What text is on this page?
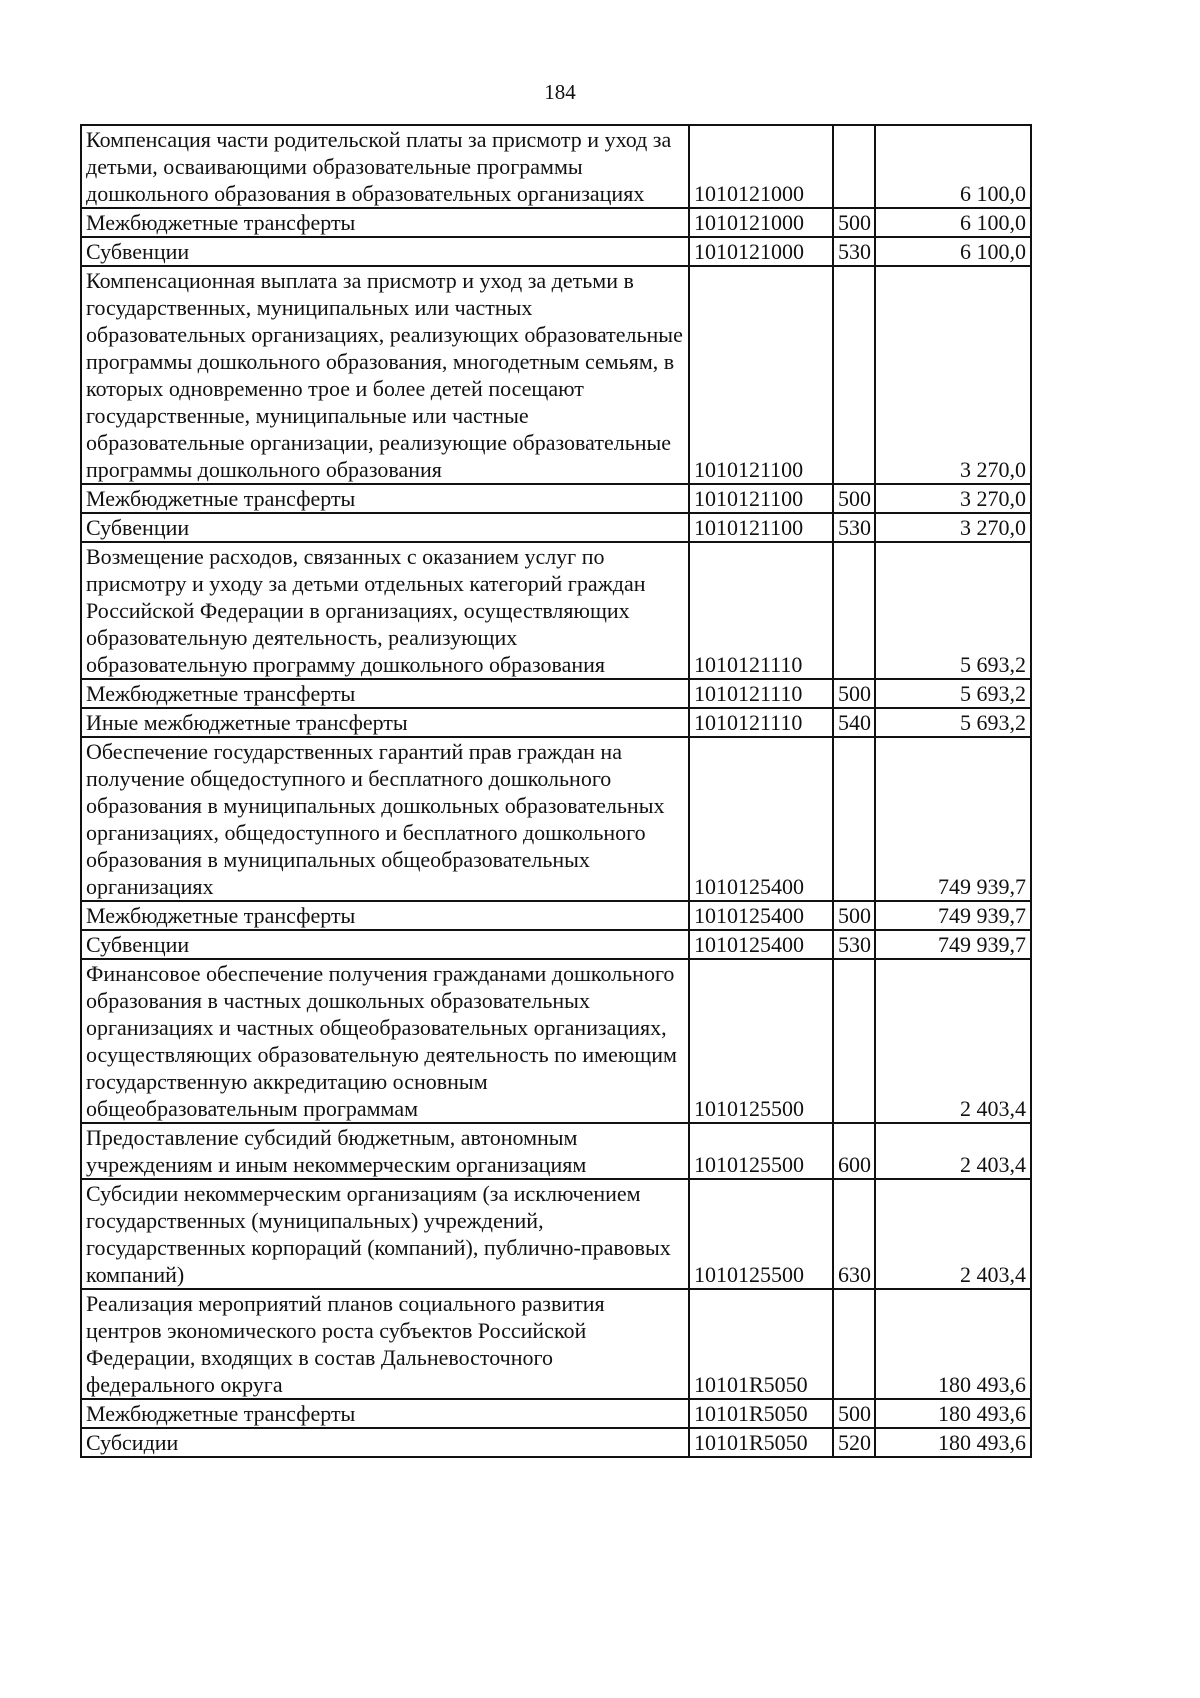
184
Компенсация части родительской платы за присмотр и уход за детьми, осваивающими образовательные программы дошкольного образования в образовательных организациях	1010121000		6 100,0
Межбюджетные трансферты	1010121000	500	6 100,0
Субвенции	1010121000	530	6 100,0
Компенсационная выплата за присмотр и уход за детьми в государственных, муниципальных или частных образовательных организациях, реализующих образовательные программы дошкольного образования, многодетным семьям, в которых одновременно трое и более детей посещают государственные, муниципальные или частные образовательные организации, реализующие образовательные программы дошкольного образования	1010121100		3 270,0
Межбюджетные трансферты	1010121100	500	3 270,0
Субвенции	1010121100	530	3 270,0
Возмещение расходов, связанных с оказанием услуг по присмотру и уходу за детьми отдельных категорий граждан Российской Федерации в организациях, осуществляющих образовательную деятельность, реализующих образовательную программу дошкольного образования	1010121110		5 693,2
Межбюджетные трансферты	1010121110	500	5 693,2
Иные межбюджетные трансферты	1010121110	540	5 693,2
Обеспечение государственных гарантий прав граждан на получение общедоступного и бесплатного дошкольного образования в муниципальных дошкольных образовательных организациях, общедоступного и бесплатного дошкольного образования в муниципальных общеобразовательных организациях	1010125400		749 939,7
Межбюджетные трансферты	1010125400	500	749 939,7
Субвенции	1010125400	530	749 939,7
Финансовое обеспечение получения гражданами дошкольного образования в частных дошкольных образовательных организациях и частных общеобразовательных организациях, осуществляющих образовательную деятельность по имеющим государственную аккредитацию основным общеобразовательным программам	1010125500		2 403,4
Предоставление субсидий бюджетным, автономным учреждениям и иным некоммерческим организациям	1010125500	600	2 403,4
Субсидии некоммерческим организациям (за исключением государственных (муниципальных) учреждений, государственных корпораций (компаний), публично-правовых компаний)	1010125500	630	2 403,4
Реализация мероприятий планов социального развития центров экономического роста субъектов Российской Федерации, входящих в состав Дальневосточного федерального округа	10101R5050		180 493,6
Межбюджетные трансферты	10101R5050	500	180 493,6
Субсидии	10101R5050	520	180 493,6
